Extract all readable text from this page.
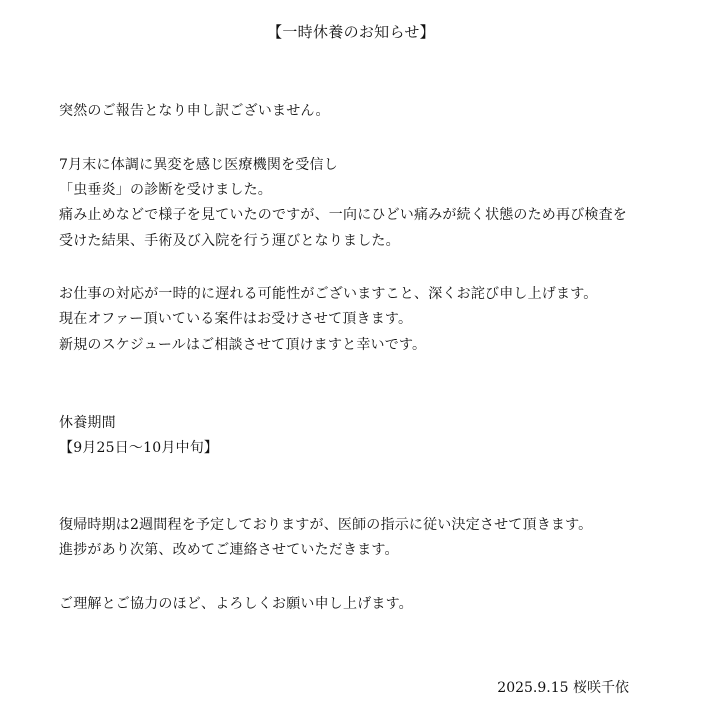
【一時休養のお知らせ】
突然のご報告となり申し訳ございません。
7月末に体調に異変を感じ医療機関を受信し
「虫垂炎」の診断を受けました。
痛み止めなどで様子を見ていたのですが、一向にひどい痛みが続く状態のため再び検査を
受けた結果、手術及び入院を行う運びとなりました。
お仕事の対応が一時的に遅れる可能性がございますこと、深くお詫び申し上げます。
現在オファー頂いている案件はお受けさせて頂きます。
新規のスケジュールはご相談させて頂けますと幸いです。
休養期間
【9月25日～10月中旬】
復帰時期は2週間程を予定しておりますが、医師の指示に従い決定させて頂きます。
進捗があり次第、改めてご連絡させていただきます。
ご理解とご協力のほど、よろしくお願い申し上げます。
2025.9.15 桜咲千依
